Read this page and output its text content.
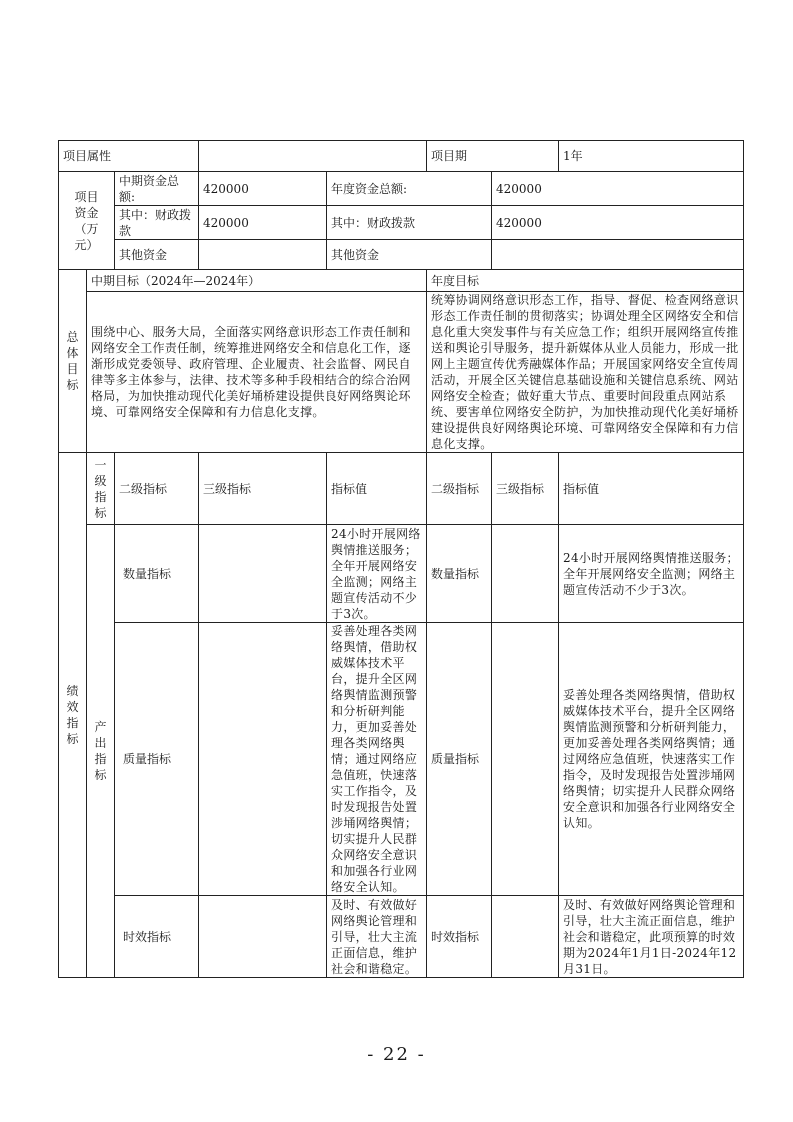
项目属性					项目期		1年
项目资金（万元）		中期资金总额:	420000	年度资金总额:		420000	
		其中：财政拨款	420000	其中：财政拨款		420000	
		其他资金		其他资金			
总体目标	中期目标（2024年—2024年）				年度目标		
	围绕中心、服务大局，全面落实网络意识形态工作责任制和网络安全工作责任制，统筹推进网络安全和信息化工作，逐渐形成党委领导、政府管理、企业履责、社会监督、网民自律等多主体参与，法律、技术等多种手段相结合的综合治网格局，为加快推动现代化美好埇桥建设提供良好网络舆论环境、可靠网络安全保障和有力信息化支撑。				统筹协调网络意识形态工作，指导、督促、检查网络意识形态工作责任制的贯彻落实；协调处理全区网络安全和信息化重大突发事件与有关应急工作；组织开展网络宣传推送和舆论引导服务，提升新媒体从业人员能力，形成一批网上主题宣传优秀融媒体作品；开展国家网络安全宣传周活动，开展全区关键信息基础设施和关键信息系统、网站网络安全检查；做好重大节点、重要时间段重点网站系统、要害单位网络安全防护，为加快推动现代化美好埇桥建设提供良好网络舆论环境、可靠网络安全保障和有力信息化支撑。		
绩效指标	一级指标	二级指标	三级指标	指标值	二级指标	三级指标	指标值
	产出指标	数量指标		24小时开展网络舆情推送服务；全年开展网络安全监测；网络主题宣传活动不少于3次。	数量指标		24小时开展网络舆情推送服务；全年开展网络安全监测；网络主题宣传活动不少于3次。
		质量指标		妥善处理各类网络舆情，借助权威媒体技术平台，提升全区网络舆情监测预警和分析研判能力，更加妥善处理各类网络舆情；通过网络应急值班，快速落实工作指令，及时发现报告处置涉埇网络舆情；切实提升人民群众网络安全意识和加强各行业网络安全认知。	质量指标		妥善处理各类网络舆情，借助权威媒体技术平台，提升全区网络舆情监测预警和分析研判能力，更加妥善处理各类网络舆情；通过网络应急值班，快速落实工作指令，及时发现报告处置涉埇网络舆情；切实提升人民群众网络安全意识和加强各行业网络安全认知。
		时效指标		及时、有效做好网络舆论管理和引导，壮大主流正面信息，维护社会和谐稳定。	时效指标		及时、有效做好网络舆论管理和引导，壮大主流正面信息，维护社会和谐稳定，此项预算的时效期为2024年1月1日-2024年12月31日。
- 22 -
